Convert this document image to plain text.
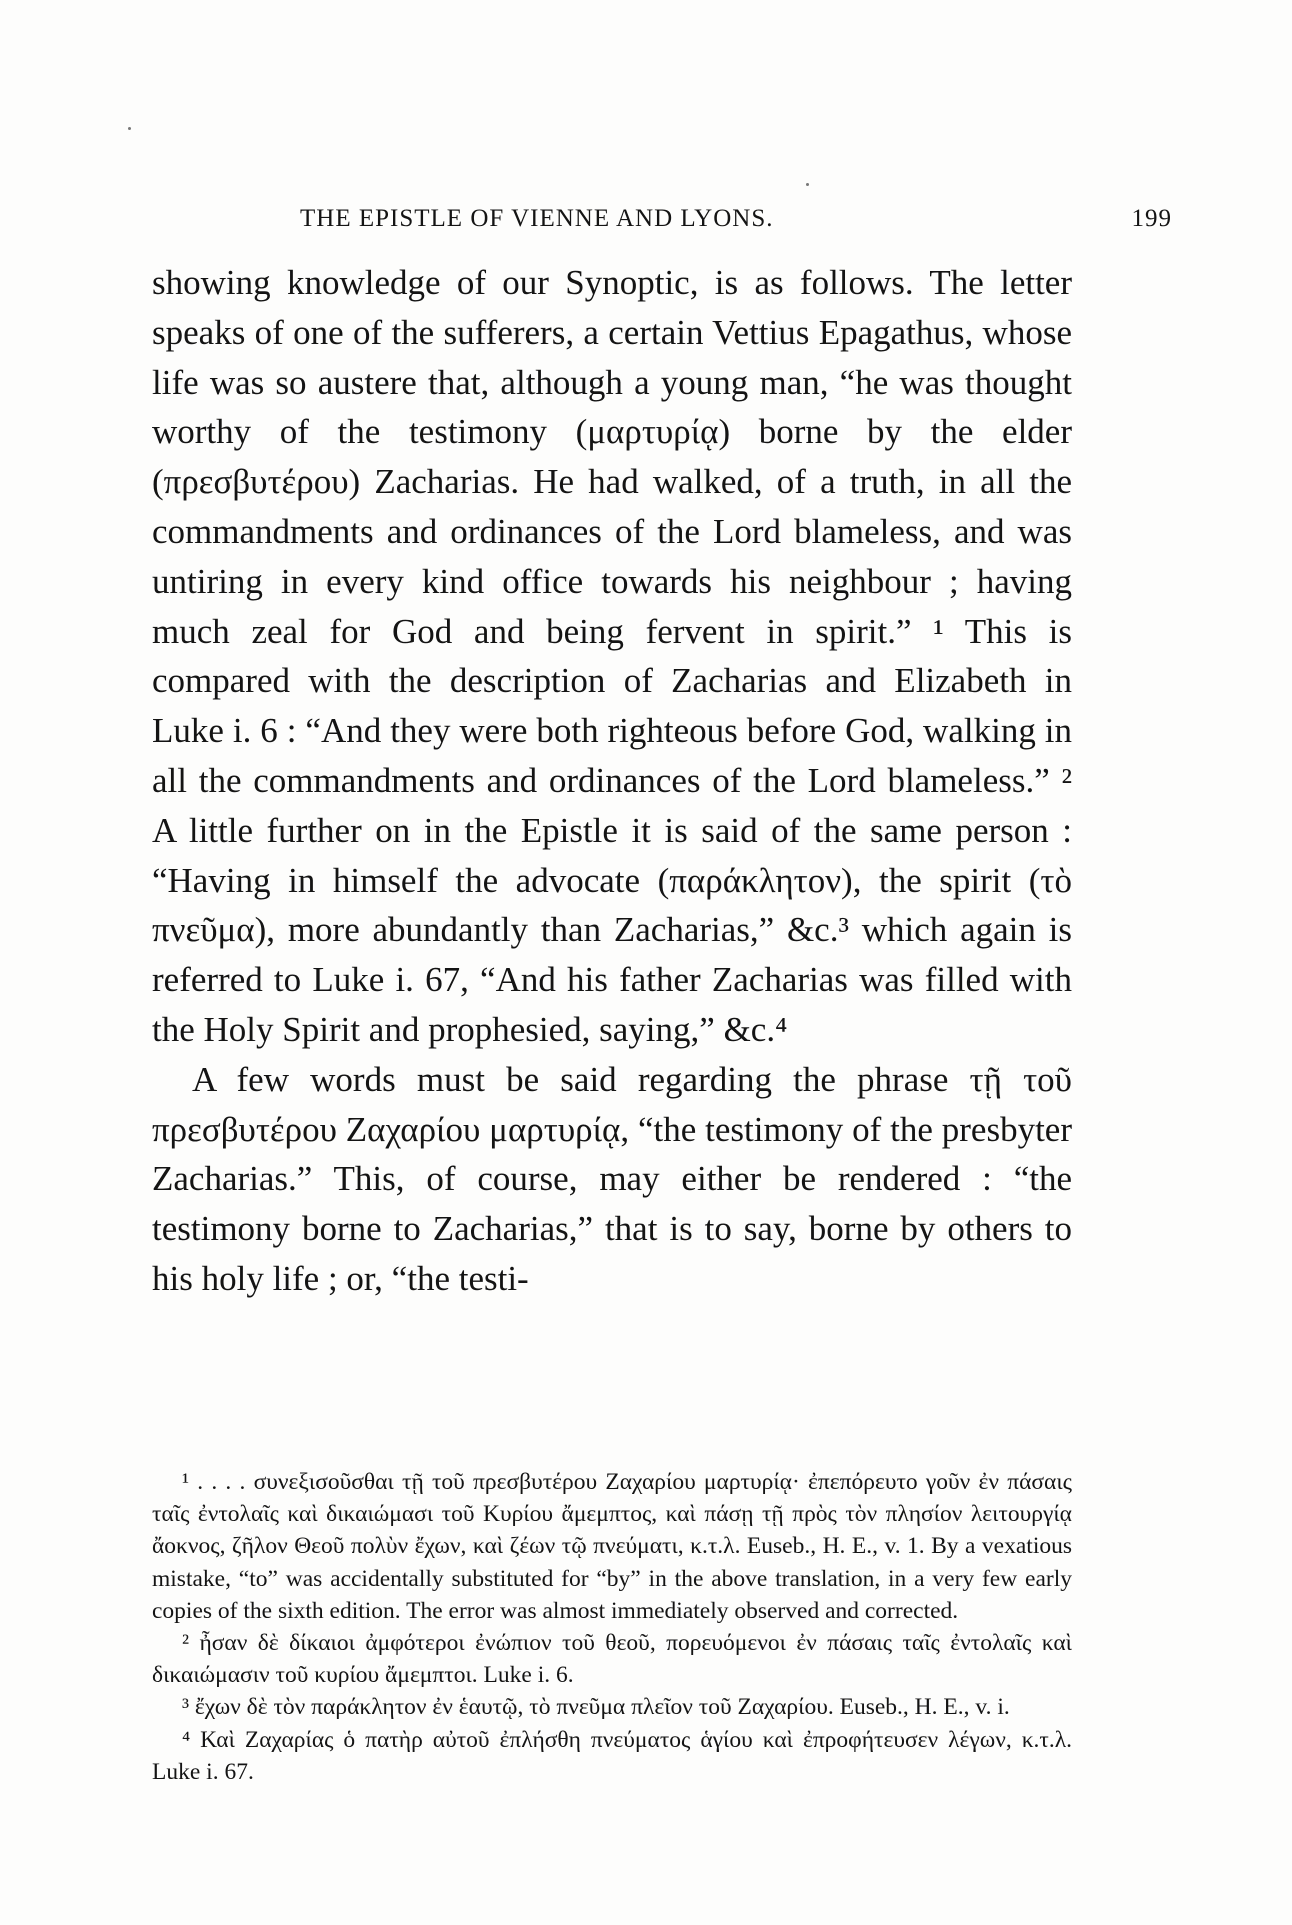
THE EPISTLE OF VIENNE AND LYONS.	199

showing knowledge of our Synoptic, is as follows. The letter speaks of one of the sufferers, a certain Vettius Epagathus, whose life was so austere that, although a young man, “he was thought worthy of the testimony (μαρτυρίᾳ) borne by the elder (πρεσβυτέρου) Zacharias. He had walked, of a truth, in all the commandments and ordinances of the Lord blameless, and was untiring in every kind office towards his neighbour ; having much zeal for God and being fervent in spirit.” ¹ This is compared with the description of Zacharias and Elizabeth in Luke i. 6 : “And they were both righteous before God, walking in all the commandments and ordinances of the Lord blameless.” ² A little further on in the Epistle it is said of the same person : “Having in himself the advocate (παράκλητον), the spirit (τὸ πνεῦμα), more abundantly than Zacharias,” &c.³ which again is referred to Luke i. 67, “And his father Zacharias was filled with the Holy Spirit and prophesied, saying,” &c.⁴

A few words must be said regarding the phrase τῇ τοῦ πρεσβυτέρου Ζαχαρίου μαρτυρίᾳ, “the testimony of the presbyter Zacharias.” This, of course, may either be rendered : “the testimony borne to Zacharias,” that is to say, borne by others to his holy life ; or, “the testi-

¹ . . . . συνεξισοῦσθαι τῇ τοῦ πρεσβυτέρου Ζαχαρίου μαρτυρίᾳ· ἐπεπόρευτο γοῦν ἐν πάσαις ταῖς ἐντολαῖς καὶ δικαιώμασι τοῦ Κυρίου ἄμεμπτος, καὶ πάσῃ τῇ πρὸς τὸν πλησίον λειτουργίᾳ ἄοκνος, ζῆλον Θεοῦ πολὺν ἔχων, καὶ ζέων τῷ πνεύματι, κ.τ.λ. Euseb., H. E., v. 1. By a vexatious mistake, “to” was accidentally substituted for “by” in the above translation, in a very few early copies of the sixth edition. The error was almost immediately observed and corrected.

² ἦσαν δὲ δίκαιοι ἀμφότεροι ἐνώπιον τοῦ θεοῦ, πορευόμενοι ἐν πάσαις ταῖς ἐντολαῖς καὶ δικαιώμασιν τοῦ κυρίου ἄμεμπτοι. Luke i. 6.

³ ἔχων δὲ τὸν παράκλητον ἐν ἑαυτῷ, τὸ πνεῦμα πλεῖον τοῦ Ζαχαρίου. Euseb., H. E., v. i.

⁴ Καὶ Ζαχαρίας ὁ πατὴρ αὐτοῦ ἐπλήσθη πνεύματος ἁγίου καὶ ἐπροφήτευσεν λέγων, κ.τ.λ. Luke i. 67.
